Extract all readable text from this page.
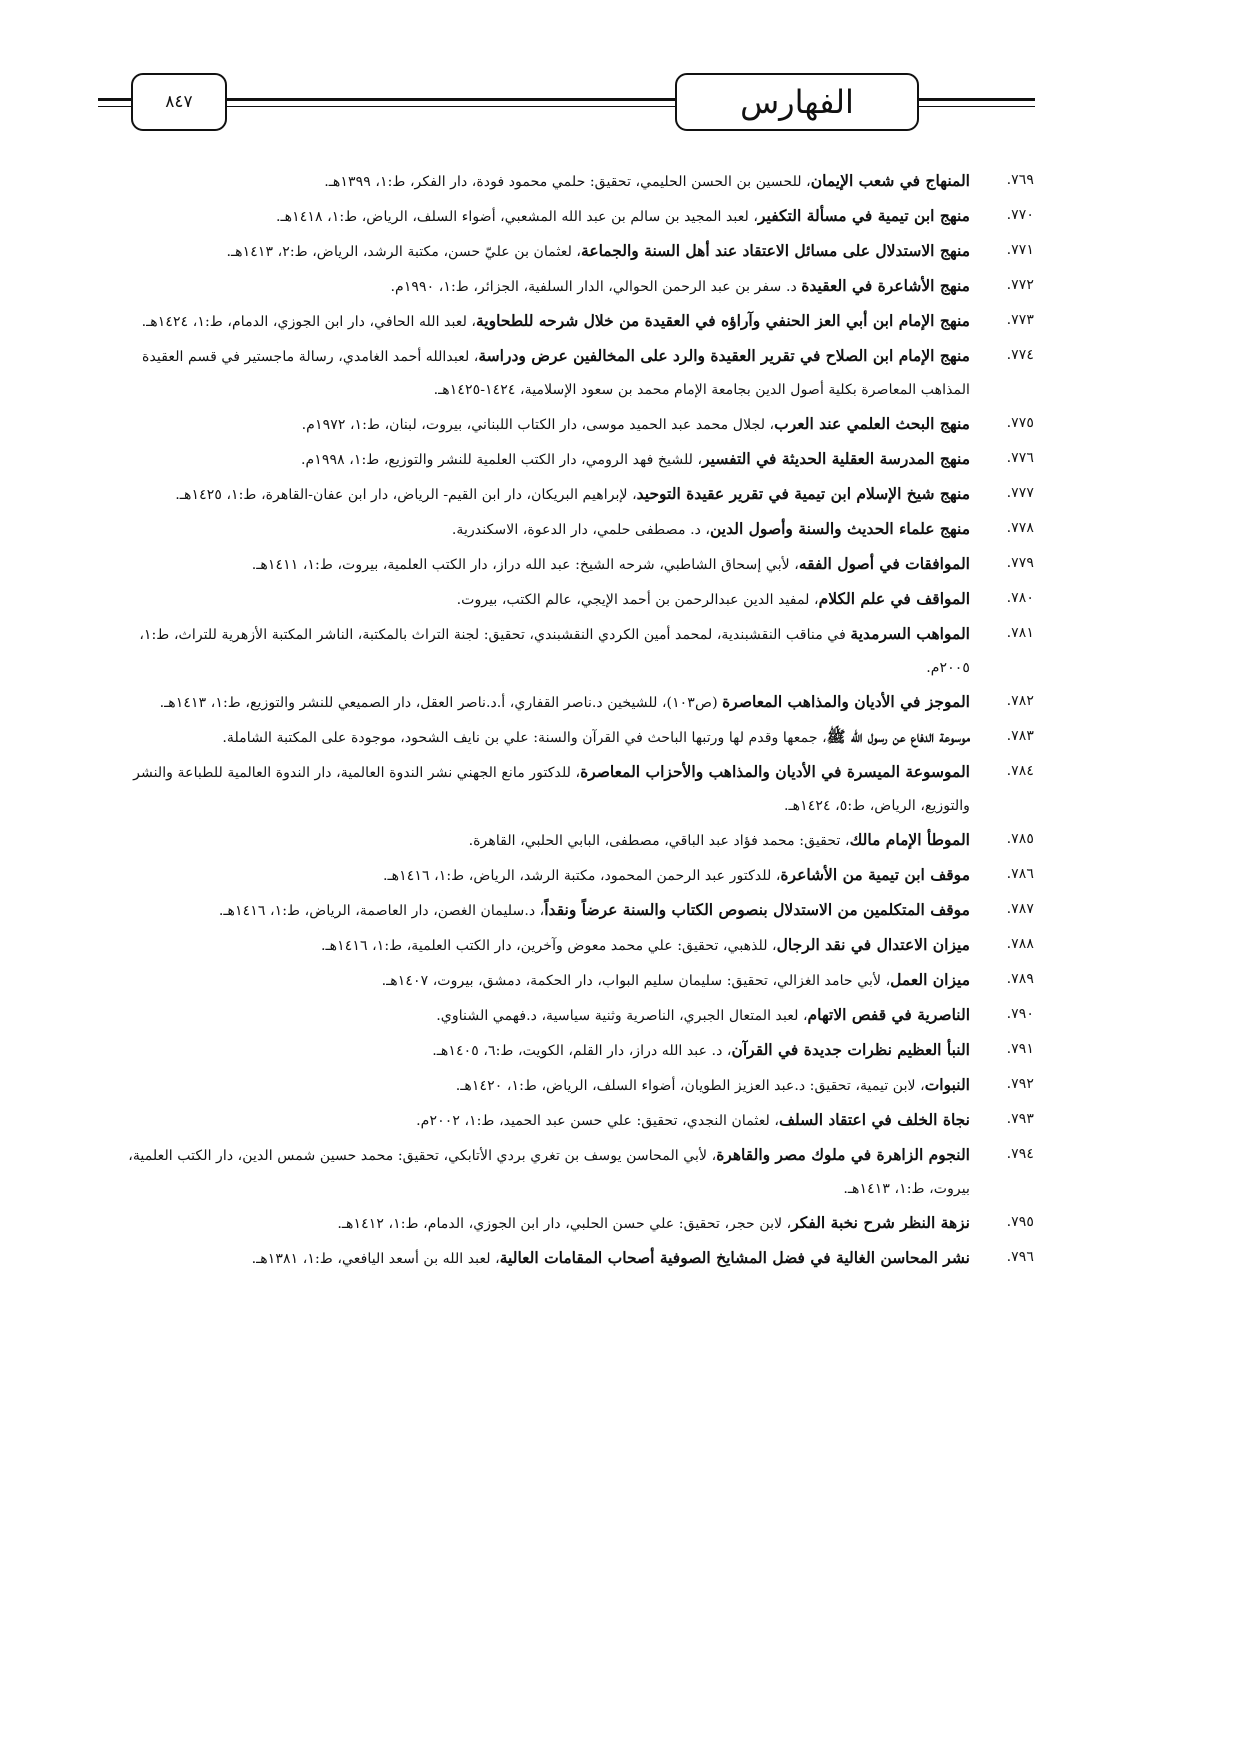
الفهارس
٨٤٧

٧٦٩.
المنهاج في شعب الإيمان، للحسين بن الحسن الحليمي، تحقيق: حلمي محمود فودة، دار الفكر، ط:١، ١٣٩٩هـ.

٧٧٠.
منهج ابن تيمية في مسألة التكفير، لعبد المجيد بن سالم بن عبد الله المشعبي، أضواء السلف، الرياض، ط:١، ١٤١٨هـ.

٧٧١.
منهج الاستدلال على مسائل الاعتقاد عند أهل السنة والجماعة، لعثمان بن عليّ حسن، مكتبة الرشد، الرياض، ط:٢، ١٤١٣هـ.

٧٧٢.
منهج الأشاعرة في العقيدة د. سفر بن عبد الرحمن الحوالي، الدار السلفية، الجزائر، ط:١، ١٩٩٠م.

٧٧٣.
منهج الإمام ابن أبي العز الحنفي وآراؤه في العقيدة من خلال شرحه للطحاوية، لعبد الله الحافي، دار ابن الجوزي، الدمام، ط:١، ١٤٢٤هـ.

٧٧٤.
منهج الإمام ابن الصلاح في تقرير العقيدة والرد على المخالفين عرض ودراسة، لعبدالله أحمد الغامدي، رسالة ماجستير في قسم العقيدة المذاهب المعاصرة بكلية أصول الدين بجامعة الإمام محمد بن سعود الإسلامية، ١٤٢٤-١٤٢٥هـ.

٧٧٥.
منهج البحث العلمي عند العرب، لجلال محمد عبد الحميد موسى، دار الكتاب اللبناني، بيروت، لبنان، ط:١، ١٩٧٢م.

٧٧٦.
منهج المدرسة العقلية الحديثة في التفسير، للشيخ فهد الرومي، دار الكتب العلمية للنشر والتوزيع، ط:١، ١٩٩٨م.

٧٧٧.
منهج شيخ الإسلام ابن تيمية في تقرير عقيدة التوحيد، لإبراهيم البريكان، دار ابن القيم- الرياض، دار ابن عفان-القاهرة، ط:١، ١٤٢٥هـ.

٧٧٨.
منهج علماء الحديث والسنة وأصول الدين، د. مصطفى حلمي، دار الدعوة، الاسكندرية.

٧٧٩.
الموافقات في أصول الفقه، لأبي إسحاق الشاطبي، شرحه الشيخ: عبد الله دراز، دار الكتب العلمية، بيروت، ط:١، ١٤١١هـ.

٧٨٠.
المواقف في علم الكلام، لمفيد الدين عبدالرحمن بن أحمد الإيجي، عالم الكتب، بيروت.

٧٨١.
المواهب السرمدية في مناقب النقشبندية، لمحمد أمين الكردي النقشبندي، تحقيق: لجنة التراث بالمكتبة، الناشر المكتبة الأزهرية للتراث، ط:١، ٢٠٠٥م.

٧٨٢.
الموجز في الأديان والمذاهب المعاصرة (ص١٠٣)، للشيخين د.ناصر القفاري، أ.د.ناصر العقل، دار الصميعي للنشر والتوزيع، ط:١، ١٤١٣هـ.

٧٨٣.
موسوعة الدفاع عن رسول الله ﷺ، جمعها وقدم لها ورتبها الباحث في القرآن والسنة: علي بن نايف الشحود، موجودة على المكتبة الشاملة.

٧٨٤.
الموسوعة الميسرة في الأديان والمذاهب والأحزاب المعاصرة، للدكتور مانع الجهني نشر الندوة العالمية، دار الندوة العالمية للطباعة والنشر والتوزيع، الرياض، ط:٥، ١٤٢٤هـ.

٧٨٥.
الموطأ الإمام مالك، تحقيق: محمد فؤاد عبد الباقي، مصطفى، البابي الحلبي، القاهرة.

٧٨٦.
موقف ابن تيمية من الأشاعرة، للدكتور عبد الرحمن المحمود، مكتبة الرشد، الرياض، ط:١، ١٤١٦هـ.

٧٨٧.
موقف المتكلمين من الاستدلال بنصوص الكتاب والسنة عرضاً ونقداً، د.سليمان الغصن، دار العاصمة، الرياض، ط:١، ١٤١٦هـ.

٧٨٨.
ميزان الاعتدال في نقد الرجال، للذهبي، تحقيق: علي محمد معوض وآخرين، دار الكتب العلمية، ط:١، ١٤١٦هـ.

٧٨٩.
ميزان العمل، لأبي حامد الغزالي، تحقيق: سليمان سليم البواب، دار الحكمة، دمشق، بيروت، ١٤٠٧هـ.

٧٩٠.
الناصرية في قفص الاتهام، لعبد المتعال الجبري، الناصرية وثنية سياسية، د.فهمي الشناوي.

٧٩١.
النبأ العظيم نظرات جديدة في القرآن، د. عبد الله دراز، دار القلم، الكويت، ط:٦، ١٤٠٥هـ.

٧٩٢.
النبوات، لابن تيمية، تحقيق: د.عبد العزيز الطويان، أضواء السلف، الرياض، ط:١، ١٤٢٠هـ.

٧٩٣.
نجاة الخلف في اعتقاد السلف، لعثمان النجدي، تحقيق: علي حسن عبد الحميد، ط:١، ٢٠٠٢م.

٧٩٤.
النجوم الزاهرة في ملوك مصر والقاهرة، لأبي المحاسن يوسف بن تغري بردي الأتابكي، تحقيق: محمد حسين شمس الدين، دار الكتب العلمية، بيروت، ط:١، ١٤١٣هـ.

٧٩٥.
نزهة النظر شرح نخبة الفكر، لابن حجر، تحقيق: علي حسن الحلبي، دار ابن الجوزي، الدمام، ط:١، ١٤١٢هـ.

٧٩٦.
نشر المحاسن الغالية في فضل المشايخ الصوفية أصحاب المقامات العالية، لعبد الله بن أسعد اليافعي، ط:١، ١٣٨١هـ.
